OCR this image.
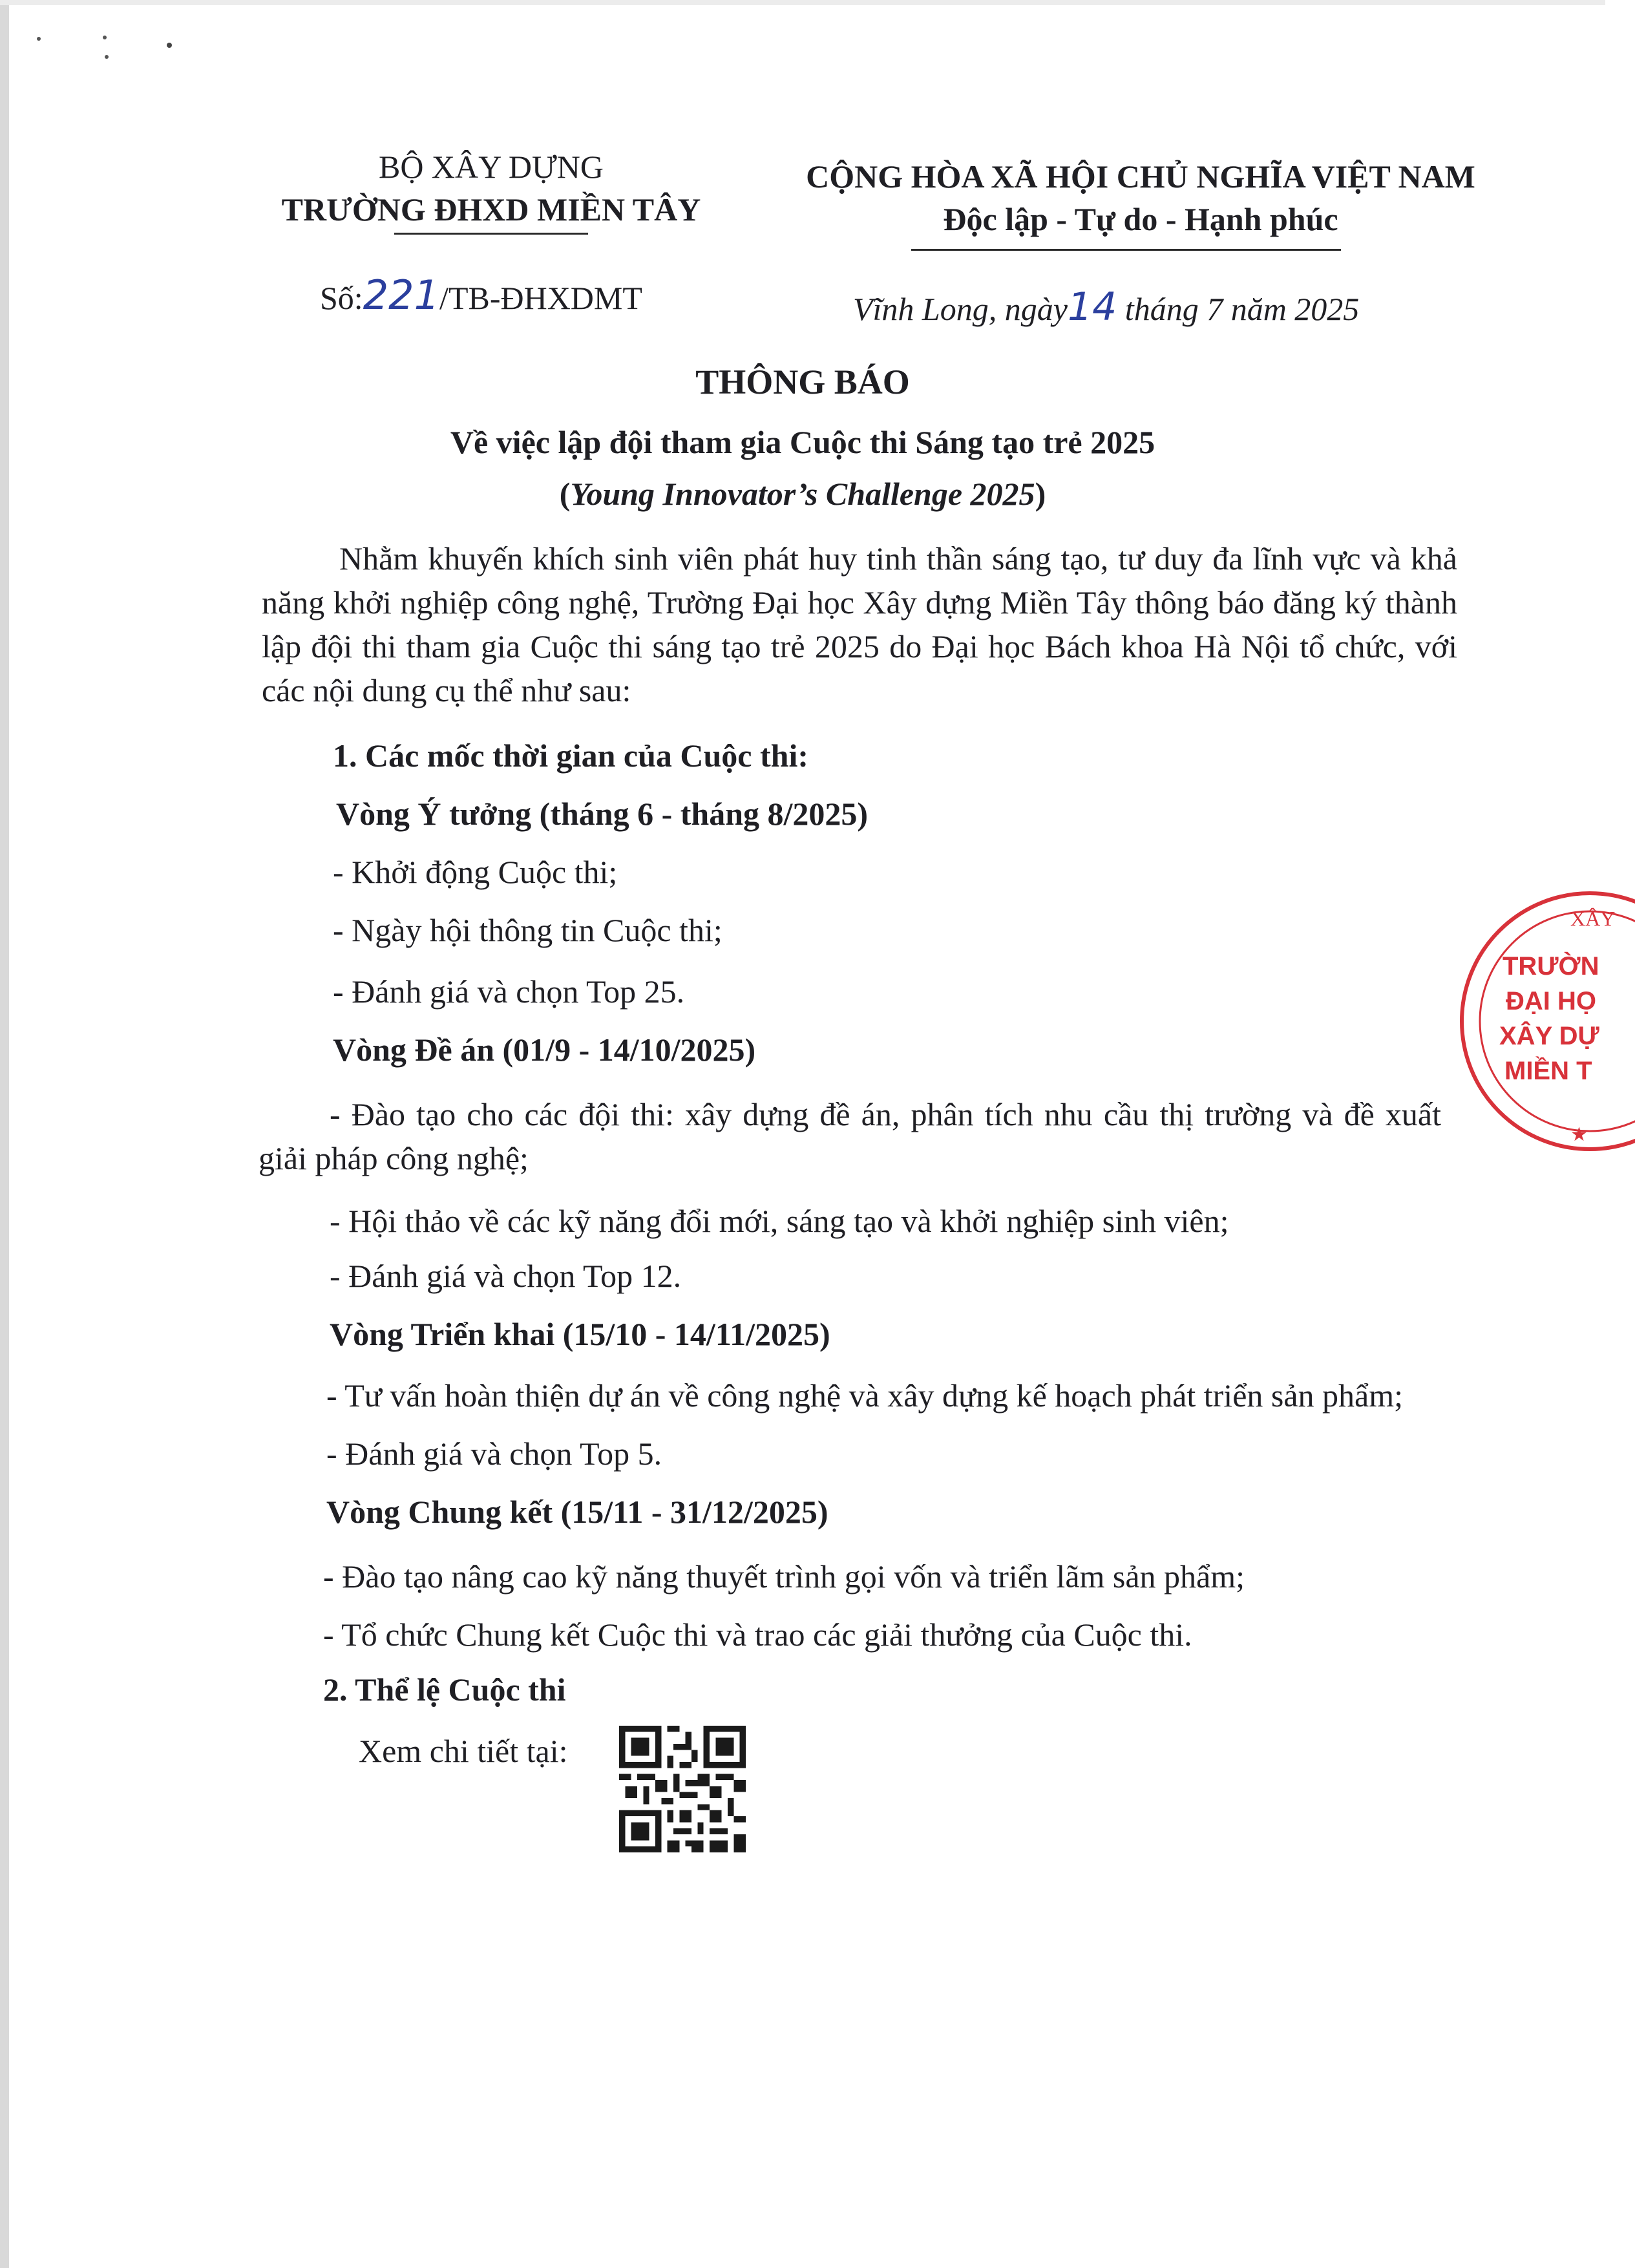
BỘ XÂY DỰNG
TRƯỜNG ĐHXD MIỀN TÂY
CỘNG HÒA XÃ HỘI CHỦ NGHĨA VIỆT NAM
Độc lập - Tự do - Hạnh phúc
Số:221/TB-ĐHXDMT	Vĩnh Long, ngày14 tháng 7 năm 2025
THÔNG BÁO
Về việc lập đội tham gia Cuộc thi Sáng tạo trẻ 2025
(Young Innovator’s Challenge 2025)
Nhằm khuyến khích sinh viên phát huy tinh thần sáng tạo, tư duy đa lĩnh vực và khả năng khởi nghiệp công nghệ, Trường Đại học Xây dựng Miền Tây thông báo đăng ký thành lập đội thi tham gia Cuộc thi sáng tạo trẻ 2025 do Đại học Bách khoa Hà Nội tổ chức, với các nội dung cụ thể như sau:
1. Các mốc thời gian của Cuộc thi:
Vòng Ý tưởng (tháng 6 - tháng 8/2025)
- Khởi động Cuộc thi;
- Ngày hội thông tin Cuộc thi;
- Đánh giá và chọn Top 25.
Vòng Đề án (01/9 - 14/10/2025)
- Đào tạo cho các đội thi: xây dựng đề án, phân tích nhu cầu thị trường và đề xuất giải pháp công nghệ;
- Hội thảo về các kỹ năng đổi mới, sáng tạo và khởi nghiệp sinh viên;
- Đánh giá và chọn Top 12.
Vòng Triển khai (15/10 - 14/11/2025)
- Tư vấn hoàn thiện dự án về công nghệ và xây dựng kế hoạch phát triển sản phẩm;
- Đánh giá và chọn Top 5.
Vòng Chung kết (15/11 - 31/12/2025)
- Đào tạo nâng cao kỹ năng thuyết trình gọi vốn và triển lãm sản phẩm;
- Tổ chức Chung kết Cuộc thi và trao các giải thưởng của Cuộc thi.
2. Thể lệ Cuộc thi
Xem chi tiết tại:
XÂY
TRƯỜN
ĐẠI HỌ
XÂY DỰ
MIỀN T
★
